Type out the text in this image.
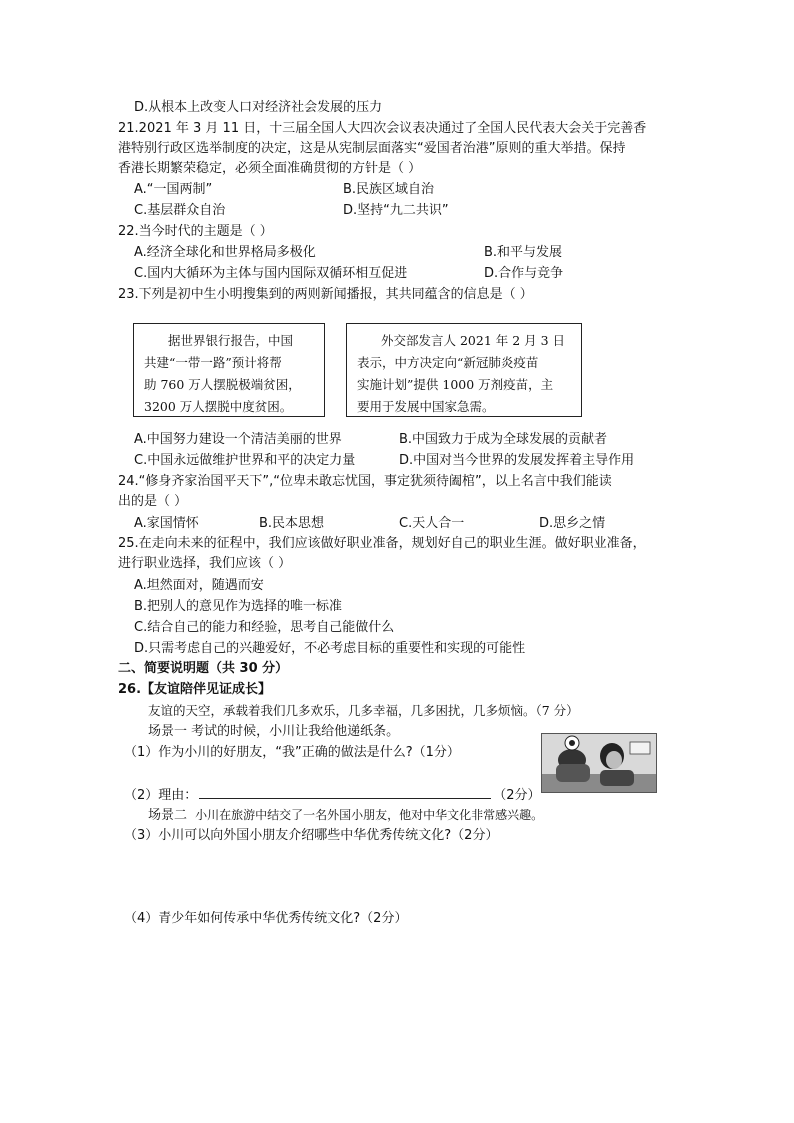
D.从根本上改变人口对经济社会发展的压力
21.2021 年 3 月 11 日，十三届全国人大四次会议表决通过了全国人民代表大会关于完善香
港特别行政区选举制度的决定，这是从宪制层面落实“爱国者治港”原则的重大举措。保持
香港长期繁荣稳定，必须全面准确贯彻的方针是（ ）
A.“一国两制”	B.民族区域自治
C.基层群众自治	D.坚持“九二共识”
22.当今时代的主题是（ ）
A.经济全球化和世界格局多极化	B.和平与发展
C.国内大循环为主体与国内国际双循环相互促进	D.合作与竞争
23.下列是初中生小明搜集到的两则新闻播报，其共同蕴含的信息是（ ）

据世界银行报告，中国

共建“一带一路”预计将帮

助 760 万人摆脱极端贫困，

3200 万人摆脱中度贫困。

外交部发言人 2021 年 2 月 3 日

表示，中方决定向“新冠肺炎疫苗

实施计划”提供 1000 万剂疫苗，主

要用于发展中国家急需。

A.中国努力建设一个清洁美丽的世界	B.中国致力于成为全球发展的贡献者
C.中国永远做维护世界和平的决定力量	D.中国对当今世界的发展发挥着主导作用
24.“修身齐家治国平天下”,“位卑未敢忘忧国，事定犹须待阖棺”，以上名言中我们能读
出的是（ ）
A.家国情怀	B.民本思想	C.天人合一	D.思乡之情
25.在走向未来的征程中，我们应该做好职业准备，规划好自己的职业生涯。做好职业准备，
进行职业选择，我们应该（ ）
A.坦然面对，随遇而安
B.把别人的意见作为选择的唯一标准
C.结合自己的能力和经验，思考自己能做什么
D.只需考虑自己的兴趣爱好，不必考虑目标的重要性和实现的可能性
二、简要说明题（共 30 分）
26.【友谊陪伴见证成长】
友谊的天空，承载着我们几多欢乐，几多幸福，几多困扰，几多烦恼。（7 分）
场景一 考试的时候，小川让我给他递纸条。
（1）作为小川的好朋友，“我”正确的做法是什么?（1分）
（2）理由：	（2分）
场景二 小川在旅游中结交了一名外国小朋友，他对中华文化非常感兴趣。
（3）小川可以向外国小朋友介绍哪些中华优秀传统文化?（2分）
（4）青少年如何传承中华优秀传统文化?（2分）
